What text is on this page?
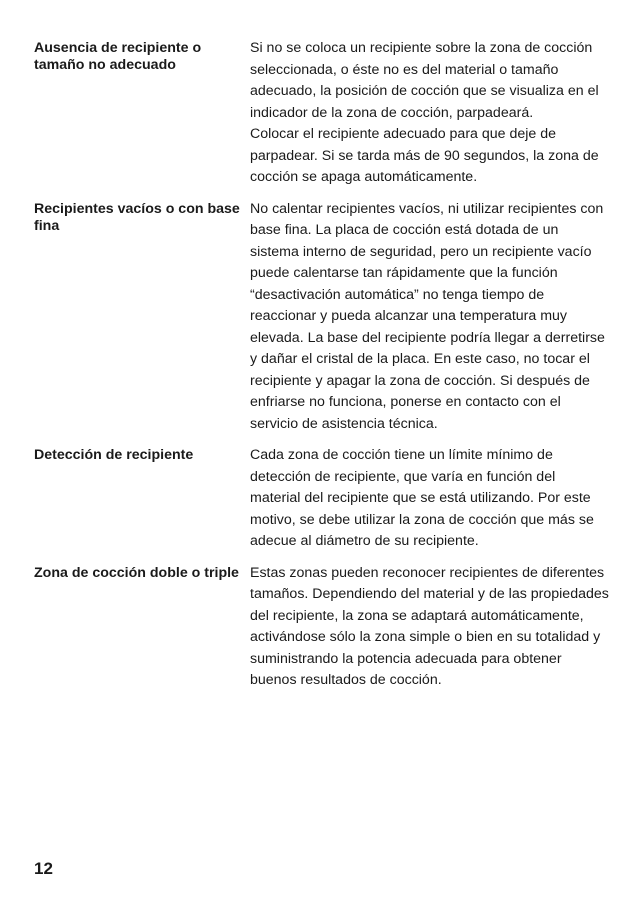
Ausencia de recipiente o tamaño no adecuado

Si no se coloca un recipiente sobre la zona de cocción seleccionada, o éste no es del material o tamaño adecuado, la posición de cocción que se visualiza en el indicador de la zona de cocción, parpadeará.

Colocar el recipiente adecuado para que deje de parpadear. Si se tarda más de 90 segundos, la zona de cocción se apaga automáticamente.

Recipientes vacíos o con base fina

No calentar recipientes vacíos, ni utilizar recipientes con base fina. La placa de cocción está dotada de un sistema interno de seguridad, pero un recipiente vacío puede calentarse tan rápidamente que la función “desactivación automática” no tenga tiempo de reaccionar y pueda alcanzar una temperatura muy elevada. La base del recipiente podría llegar a derretirse y dañar el cristal de la placa. En este caso, no tocar el recipiente y apagar la zona de cocción. Si después de enfriarse no funciona, ponerse en contacto con el servicio de asistencia técnica.

Detección de recipiente	Cada zona de cocción tiene un límite mínimo de detección de recipiente, que varía en función del material del recipiente que se está utilizando. Por este motivo, se debe utilizar la zona de cocción que más se adecue al diámetro de su recipiente.

Zona de cocción doble o triple Estas zonas pueden reconocer recipientes de diferentes tamaños. Dependiendo del material y de las propiedades del recipiente, la zona se adaptará automáticamente, activándose sólo la zona simple o bien en su totalidad y suministrando la potencia adecuada para obtener buenos resultados de cocción.

12
